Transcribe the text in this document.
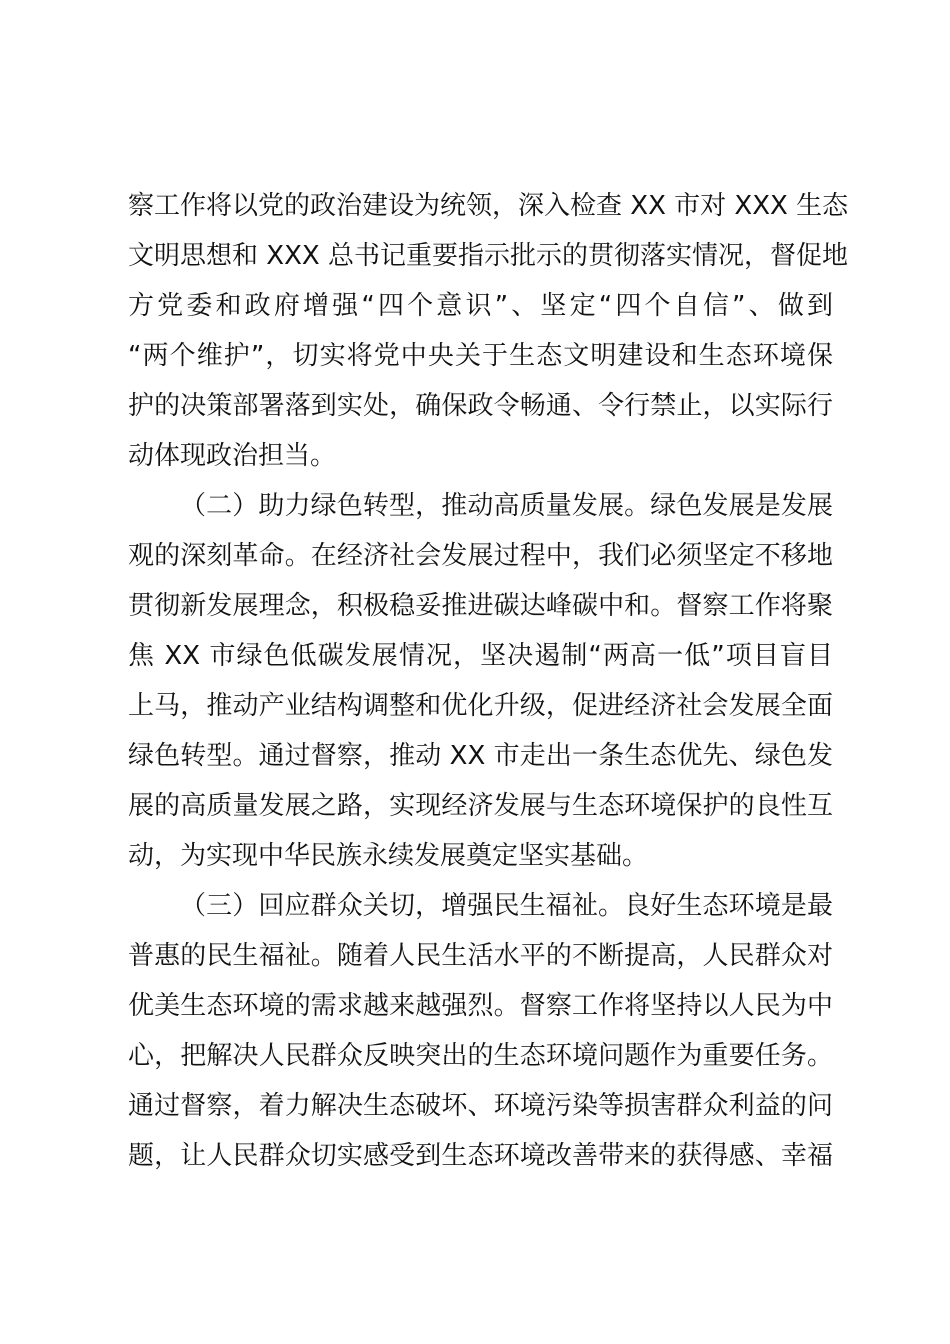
察工作将以党的政治建设为统领，深入检查 XX 市对 XXX 生态
文明思想和 XXX 总书记重要指示批示的贯彻落实情况，督促地
方党委和政府增强“四个意识”、坚定“四个自信”、做到
“两个维护”，切实将党中央关于生态文明建设和生态环境保
护的决策部署落到实处，确保政令畅通、令行禁止，以实际行
动体现政治担当。
（二）助力绿色转型，推动高质量发展。绿色发展是发展
观的深刻革命。在经济社会发展过程中，我们必须坚定不移地
贯彻新发展理念，积极稳妥推进碳达峰碳中和。督察工作将聚
焦 XX 市绿色低碳发展情况，坚决遏制“两高一低”项目盲目
上马，推动产业结构调整和优化升级，促进经济社会发展全面
绿色转型。通过督察，推动 XX 市走出一条生态优先、绿色发
展的高质量发展之路，实现经济发展与生态环境保护的良性互
动，为实现中华民族永续发展奠定坚实基础。
（三）回应群众关切，增强民生福祉。良好生态环境是最
普惠的民生福祉。随着人民生活水平的不断提高，人民群众对
优美生态环境的需求越来越强烈。督察工作将坚持以人民为中
心，把解决人民群众反映突出的生态环境问题作为重要任务。
通过督察，着力解决生态破坏、环境污染等损害群众利益的问
题，让人民群众切实感受到生态环境改善带来的获得感、幸福
